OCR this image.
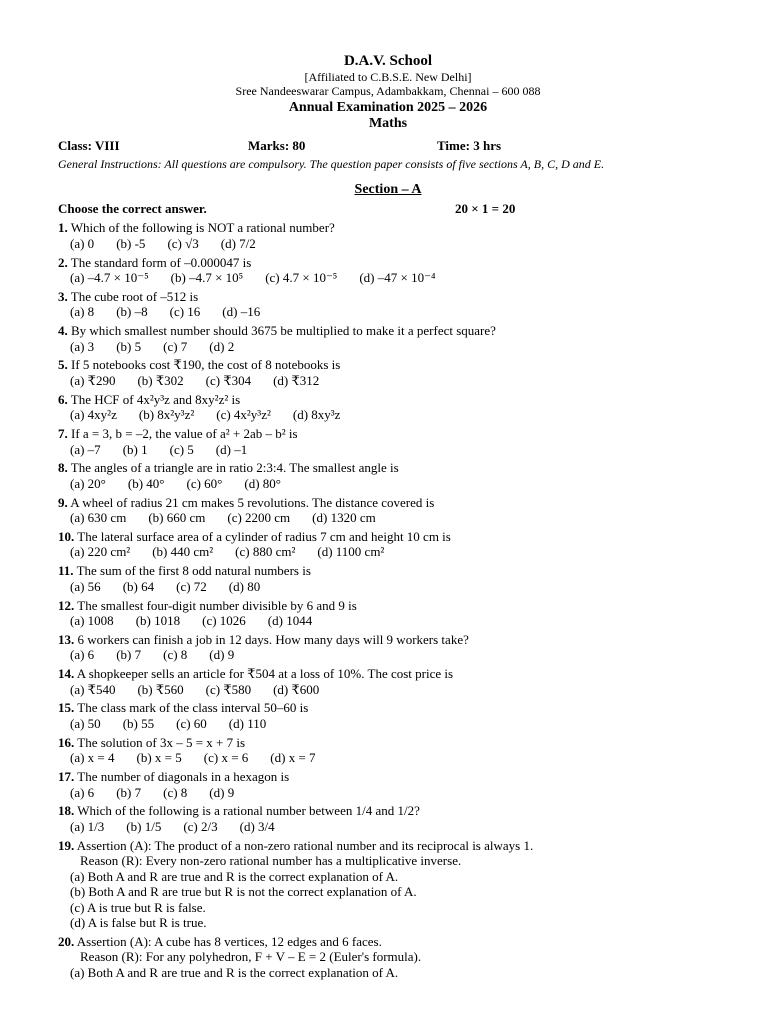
D.A.V. School
[Affiliated to C.B.S.E. New Delhi]
Sree Nandeeswarar Campus, Adambakkam, Chennai – 600 088
Annual Examination 2025 – 2026
Maths
Class: VIII	Marks: 80	Time: 3 hrs
General Instructions: All questions are compulsory. The question paper consists of five sections A, B, C, D and E.
Section – A
Choose the correct answer.	20 × 1 = 20
1. Which of the following is NOT a rational number?
(a) 0 (b) -5 (c) √3 (d) 7/2
2. The standard form of –0.000047 is
(a) –4.7 × 10⁻⁵ (b) –4.7 × 10⁵ (c) 4.7 × 10⁻⁵ (d) –47 × 10⁻⁴
3. The cube root of –512 is
(a) 8 (b) –8 (c) 16 (d) –16
4. By which smallest number should 3675 be multiplied to make it a perfect square?
(a) 3 (b) 5 (c) 7 (d) 2
5. If 5 notebooks cost ₹190, the cost of 8 notebooks is
(a) ₹290 (b) ₹302 (c) ₹304 (d) ₹312
6. The HCF of 4x²y³z and 8xy²z² is
(a) 4xy²z (b) 8x²y³z² (c) 4x²y³z² (d) 8xy³z
7. If a = 3, b = –2, the value of a² + 2ab – b² is
(a) –7 (b) 1 (c) 5 (d) –1
8. The angles of a triangle are in ratio 2:3:4. The smallest angle is
(a) 20° (b) 40° (c) 60° (d) 80°
9. A wheel of radius 21 cm makes 5 revolutions. The distance covered is
(a) 630 cm (b) 660 cm (c) 2200 cm (d) 1320 cm
10. The lateral surface area of a cylinder of radius 7 cm and height 10 cm is
(a) 220 cm² (b) 440 cm² (c) 880 cm² (d) 1100 cm²
11. The sum of the first 8 odd natural numbers is
(a) 56 (b) 64 (c) 72 (d) 80
12. The smallest four-digit number divisible by 6 and 9 is
(a) 1008 (b) 1018 (c) 1026 (d) 1044
13. 6 workers can finish a job in 12 days. How many days will 9 workers take?
(a) 6 (b) 7 (c) 8 (d) 9
14. A shopkeeper sells an article for ₹504 at a loss of 10%. The cost price is
(a) ₹540 (b) ₹560 (c) ₹580 (d) ₹600
15. The class mark of the class interval 50–60 is
(a) 50 (b) 55 (c) 60 (d) 110
16. The solution of 3x – 5 = x + 7 is
(a) x = 4 (b) x = 5 (c) x = 6 (d) x = 7
17. The number of diagonals in a hexagon is
(a) 6 (b) 7 (c) 8 (d) 9
18. Which of the following is a rational number between 1/4 and 1/2?
(a) 1/3 (b) 1/5 (c) 2/3 (d) 3/4
19. Assertion (A): The product of a non-zero rational number and its reciprocal is always 1.
Reason (R): Every non-zero rational number has a multiplicative inverse.
(a) Both A and R are true and R is the correct explanation of A.
(b) Both A and R are true but R is not the correct explanation of A.
(c) A is true but R is false.
(d) A is false but R is true.
20. Assertion (A): A cube has 8 vertices, 12 edges and 6 faces.
Reason (R): For any polyhedron, F + V – E = 2 (Euler's formula).
(a) Both A and R are true and R is the correct explanation of A.
